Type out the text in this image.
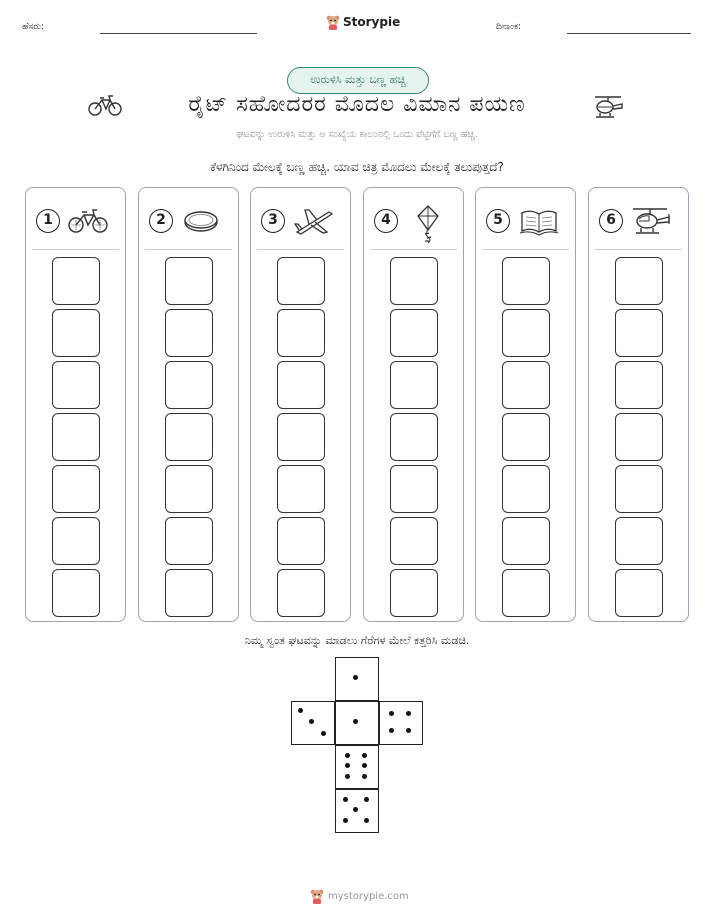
ಹೆಸರು:	Storypie	ದಿನಾಂಕ:
ಉರುಳಿಸಿ ಮತ್ತು ಬಣ್ಣ ಹಚ್ಚಿ
ರೈಟ್ ಸಹೋದರರ ಮೊದಲ ವಿಮಾನ ಪಯಣ
ಘಟವನ್ನು ಉರುಳಿಸಿ ಮತ್ತು ಆ ಸಂಖ್ಯೆಯ ಕಾಲಂನಲ್ಲಿ ಒಂದು ಪೆಟ್ಟಿಗೆಗೆ ಬಣ್ಣ ಹಚ್ಚಿ.
ಕೆಳಗಿನಿಂದ ಮೇಲಕ್ಕೆ ಬಣ್ಣ ಹಚ್ಚಿ. ಯಾವ ಚಿತ್ರ ಮೊದಲು ಮೇಲಕ್ಕೆ ತಲುಪುತ್ತದೆ?
1	2	3	4	5	6
ನಿಮ್ಮ ಸ್ವಂತ ಘಟವನ್ನು ಮಾಡಲು ಗೆರೆಗಳ ಮೇಲೆ ಕತ್ತರಿಸಿ ಮಡಚಿ.
mystorypie.com
